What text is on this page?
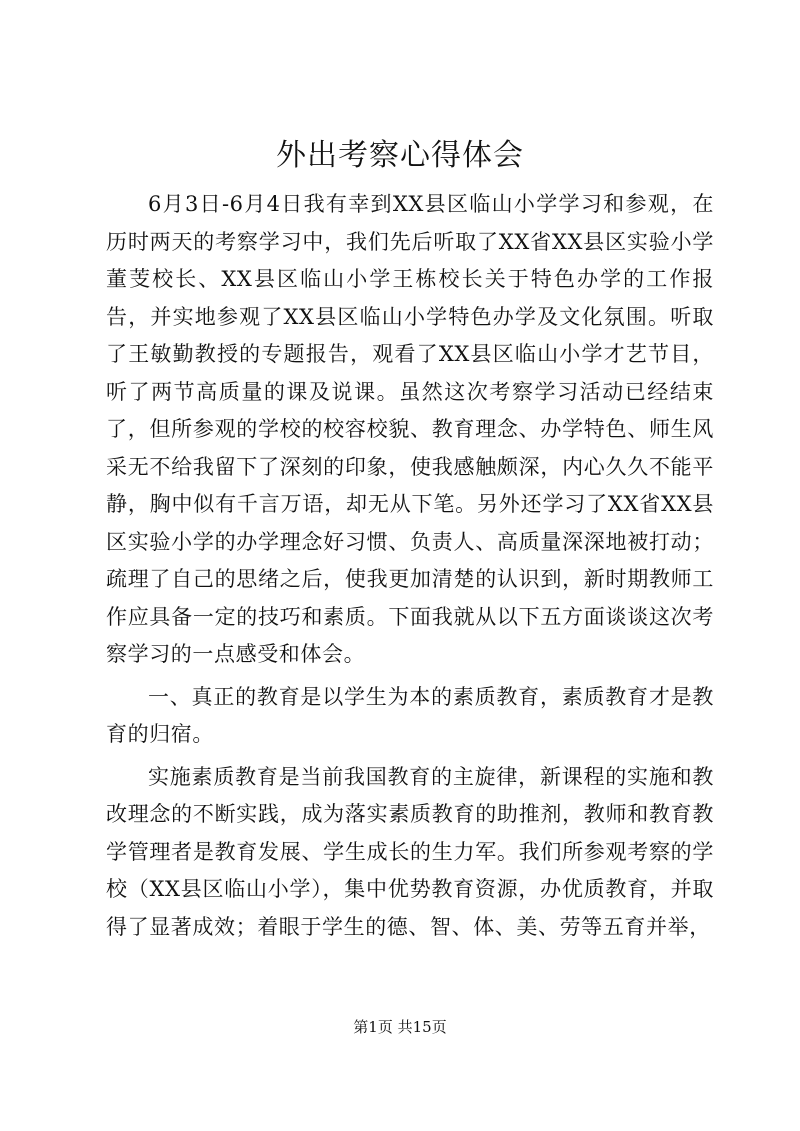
外出考察心得体会

6月3日-6月4日我有幸到XX县区临山小学学习和参观，在历时两天的考察学习中，我们先后听取了XX省XX县区实验小学董芰校长、XX县区临山小学王栋校长关于特色办学的工作报告，并实地参观了XX县区临山小学特色办学及文化氛围。听取了王敏勤教授的专题报告，观看了XX县区临山小学才艺节目，听了两节高质量的课及说课。虽然这次考察学习活动已经结束了，但所参观的学校的校容校貌、教育理念、办学特色、师生风采无不给我留下了深刻的印象，使我感触颇深，内心久久不能平静，胸中似有千言万语，却无从下笔。另外还学习了XX省XX县区实验小学的办学理念好习惯、负责人、高质量深深地被打动；疏理了自己的思绪之后，使我更加清楚的认识到，新时期教师工作应具备一定的技巧和素质。下面我就从以下五方面谈谈这次考察学习的一点感受和体会。

一、真正的教育是以学生为本的素质教育，素质教育才是教育的归宿。

实施素质教育是当前我国教育的主旋律，新课程的实施和教改理念的不断实践，成为落实素质教育的助推剂，教师和教育教学管理者是教育发展、学生成长的生力军。我们所参观考察的学校（XX县区临山小学），集中优势教育资源，办优质教育，并取得了显著成效；着眼于学生的德、智、体、美、劳等五育并举，

第1页 共15页
